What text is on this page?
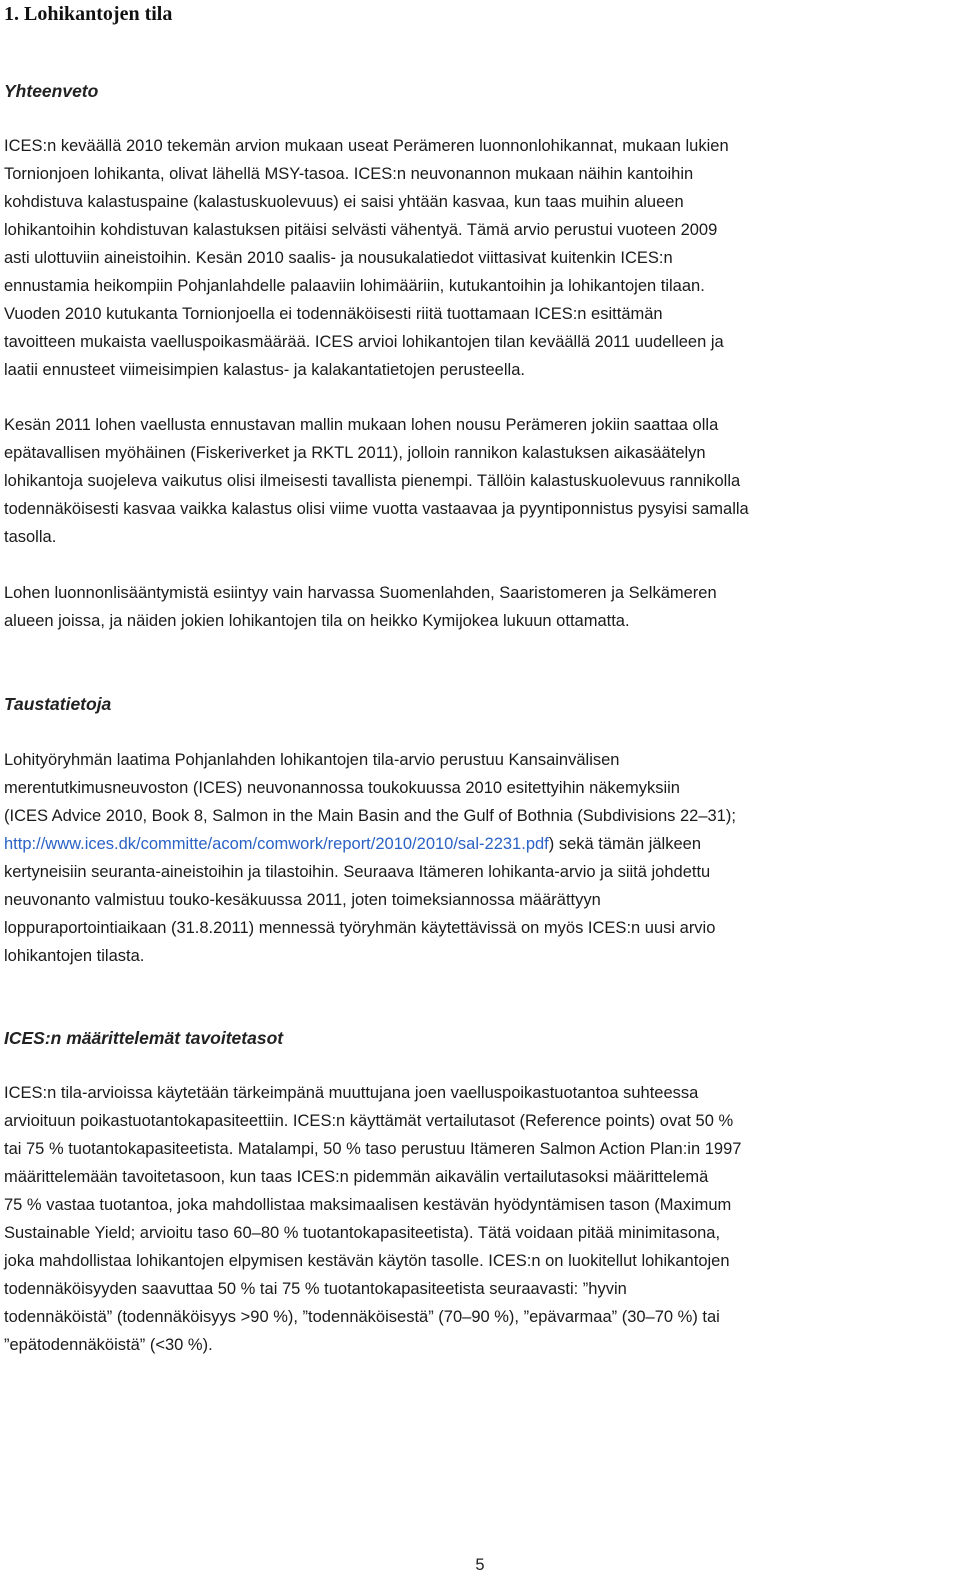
1. Lohikantojen tila
Yhteenveto

ICES:n keväällä 2010 tekemän arvion mukaan useat Perämeren luonnonlohikannat, mukaan lukien
Tornionjoen lohikanta, olivat lähellä MSY-tasoa. ICES:n neuvonannon mukaan näihin kantoihin
kohdistuva kalastuspaine (kalastuskuolevuus) ei saisi yhtään kasvaa, kun taas muihin alueen
lohikantoihin kohdistuvan kalastuksen pitäisi selvästi vähentyä. Tämä arvio perustui vuoteen 2009
asti ulottuviin aineistoihin. Kesän 2010 saalis- ja nousukalatiedot viittasivat kuitenkin ICES:n
ennustamia heikompiin Pohjanlahdelle palaaviin lohimääriin, kutukantoihin ja lohikantojen tilaan.
Vuoden 2010 kutukanta Tornionjoella ei todennäköisesti riitä tuottamaan ICES:n esittämän
tavoitteen mukaista vaelluspoikasmäärää. ICES arvioi lohikantojen tilan keväällä 2011 uudelleen ja
laatii ennusteet viimeisimpien kalastus- ja kalakantatietojen perusteella.

Kesän 2011 lohen vaellusta ennustavan mallin mukaan lohen nousu Perämeren jokiin saattaa olla
epätavallisen myöhäinen (Fiskeriverket ja RKTL 2011), jolloin rannikon kalastuksen aikasäätelyn
lohikantoja suojeleva vaikutus olisi ilmeisesti tavallista pienempi. Tällöin kalastuskuolevuus rannikolla
todennäköisesti kasvaa vaikka kalastus olisi viime vuotta vastaavaa ja pyyntiponnistus pysyisi samalla
tasolla.

Lohen luonnonlisääntymistä esiintyy vain harvassa Suomenlahden, Saaristomeren ja Selkämeren
alueen joissa, ja näiden jokien lohikantojen tila on heikko Kymijokea lukuun ottamatta.

Taustatietoja

Lohityöryhmän laatima Pohjanlahden lohikantojen tila-arvio perustuu Kansainvälisen
merentutkimusneuvoston (ICES) neuvonannossa toukokuussa 2010 esitettyihin näkemyksiin
(ICES Advice 2010, Book 8, Salmon in the Main Basin and the Gulf of Bothnia (Subdivisions 22–31);
http://www.ices.dk/committe/acom/comwork/report/2010/2010/sal-2231.pdf) sekä tämän jälkeen
kertyneisiin seuranta-aineistoihin ja tilastoihin. Seuraava Itämeren lohikanta-arvio ja siitä johdettu
neuvonanto valmistuu touko-kesäkuussa 2011, joten toimeksiannossa määrättyyn
loppuraportointiaikaan (31.8.2011) mennessä työryhmän käytettävissä on myös ICES:n uusi arvio
lohikantojen tilasta.

ICES:n määrittelemät tavoitetasot

ICES:n tila-arvioissa käytetään tärkeimpänä muuttujana joen vaelluspoikastuotantoa suhteessa
arvioituun poikastuotantokapasiteettiin. ICES:n käyttämät vertailutasot (Reference points) ovat 50 %
tai 75 % tuotantokapasiteetista. Matalampi, 50 % taso perustuu Itämeren Salmon Action Plan:in 1997
määrittelemään tavoitetasoon, kun taas ICES:n pidemmän aikavälin vertailutasoksi määrittelemä
75 % vastaa tuotantoa, joka mahdollistaa maksimaalisen kestävän hyödyntämisen tason (Maximum
Sustainable Yield; arvioitu taso 60–80 % tuotantokapasiteetista). Tätä voidaan pitää minimitasona,
joka mahdollistaa lohikantojen elpymisen kestävän käytön tasolle. ICES:n on luokitellut lohikantojen
todennäköisyyden saavuttaa 50 % tai 75 % tuotantokapasiteetista seuraavasti: ”hyvin
todennäköistä” (todennäköisyys >90 %), ”todennäköisestä” (70–90 %), ”epävarmaa” (30–70 %) tai
”epätodennäköistä” (<30 %).

5
